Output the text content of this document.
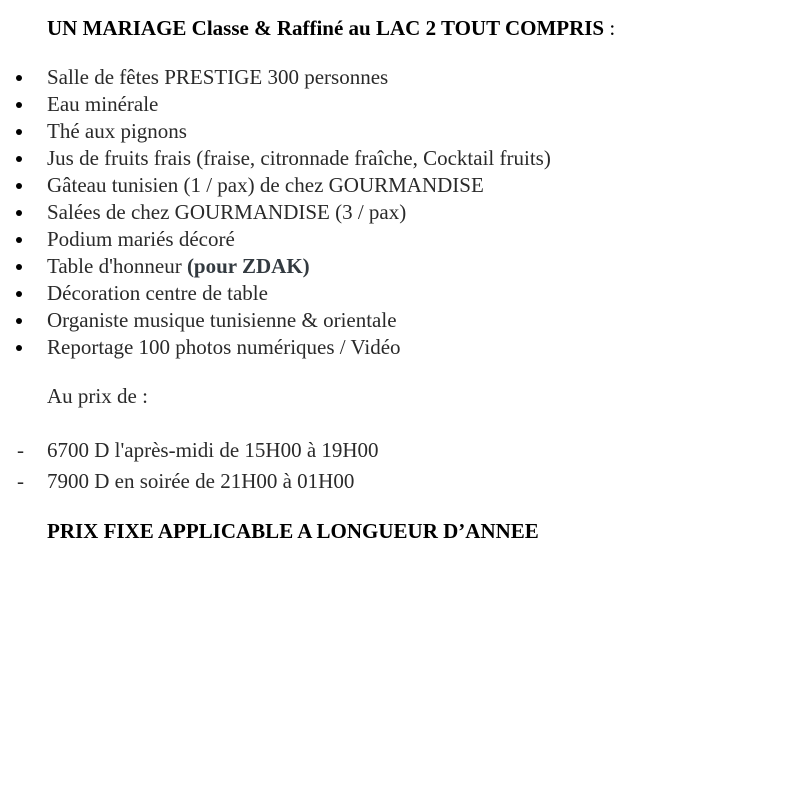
UN MARIAGE Classe & Raffiné au LAC 2 TOUT COMPRIS :
Salle de fêtes PRESTIGE 300 personnes
Eau minérale
Thé aux pignons
Jus de fruits frais (fraise, citronnade fraîche, Cocktail fruits)
Gâteau tunisien (1 / pax) de chez GOURMANDISE
Salées de chez GOURMANDISE (3 / pax)
Podium mariés décoré
Table d'honneur (pour ZDAK)
Décoration centre de table
Organiste musique tunisienne & orientale
Reportage 100 photos numériques / Vidéo
Au prix de :
- 6700 D l'après-midi de 15H00 à 19H00
- 7900 D en soirée de 21H00 à 01H00
PRIX FIXE APPLICABLE A LONGUEUR D’ANNEE
